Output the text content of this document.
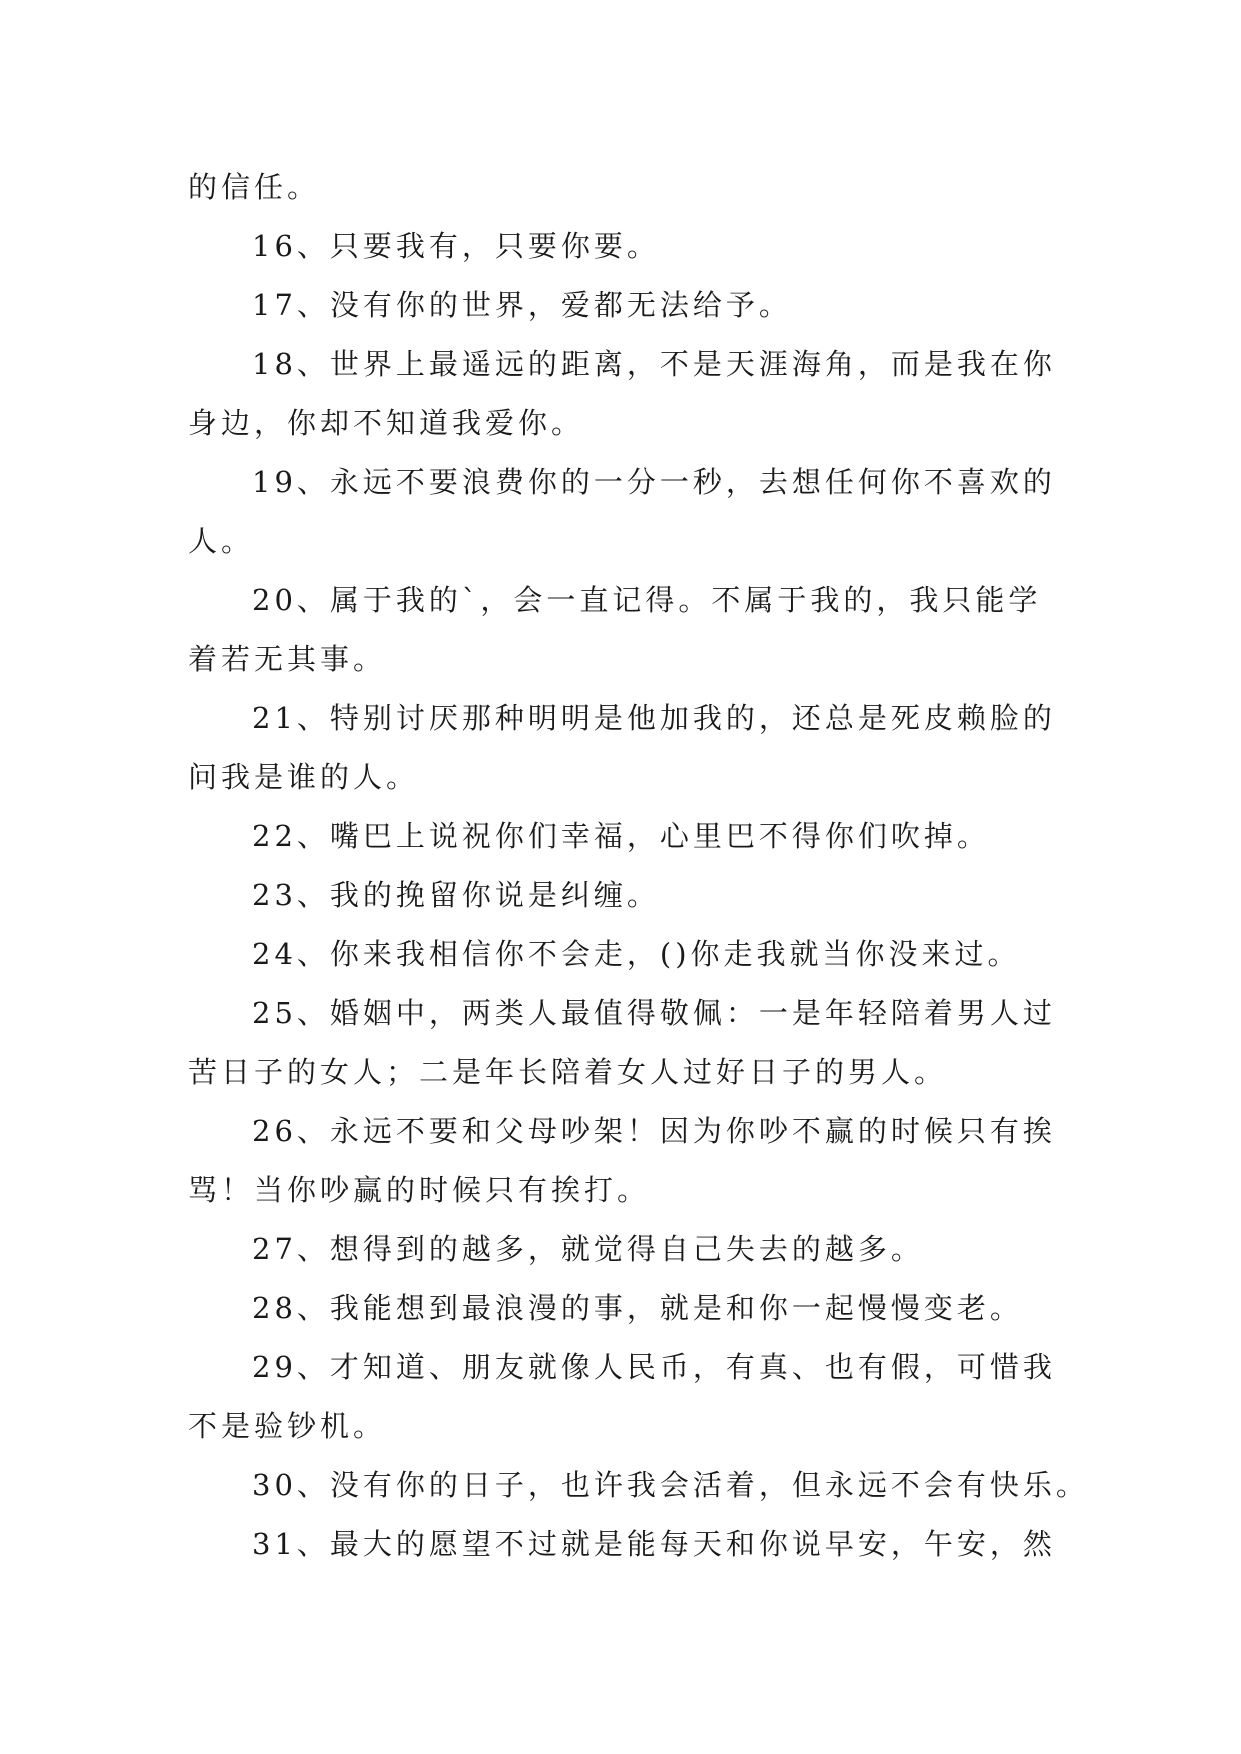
的信任。

16、只要我有，只要你要。

17、没有你的世界，爱都无法给予。

18、世界上最遥远的距离，不是天涯海角，而是我在你

身边，你却不知道我爱你。

19、永远不要浪费你的一分一秒，去想任何你不喜欢的

人。

20、属于我的`，会一直记得。不属于我的，我只能学

着若无其事。

21、特别讨厌那种明明是他加我的，还总是死皮赖脸的

问我是谁的人。

22、嘴巴上说祝你们幸福，心里巴不得你们吹掉。

23、我的挽留你说是纠缠。

24、你来我相信你不会走，()你走我就当你没来过。

25、婚姻中，两类人最值得敬佩：一是年轻陪着男人过

苦日子的女人；二是年长陪着女人过好日子的男人。

26、永远不要和父母吵架！因为你吵不赢的时候只有挨

骂！当你吵赢的时候只有挨打。

27、想得到的越多，就觉得自己失去的越多。

28、我能想到最浪漫的事，就是和你一起慢慢变老。

29、才知道、朋友就像人民币，有真、也有假，可惜我

不是验钞机。

30、没有你的日子，也许我会活着，但永远不会有快乐。

31、最大的愿望不过就是能每天和你说早安，午安，然
